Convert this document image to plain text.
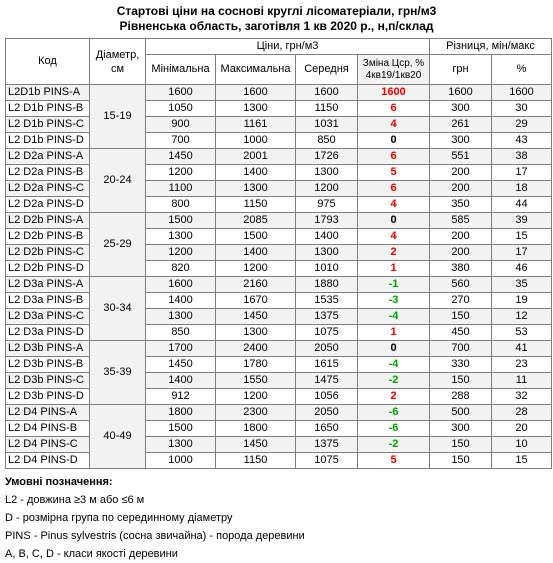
Стартові ціни на соснові круглі лісоматеріали, грн/м3
Рівненська область, заготівля 1 кв 2020 р., н,п/склад
Код	Діаметр, см	Ціни, грн/м3				Різниця, мін/макс	
		Мінімальна	Максимальна	Середня	Зміна Цср, %
4кв19/1кв20	грн	%
L2D1b PINS-A	15-19	1600	1600	1600	1600	1600	1600
L2 D1b PINS-B		1050	1300	1150	6	300	30
L2 D1b PINS-C		900	1161	1031	4	261	29
L2 D1b PINS-D		700	1000	850	0	300	43
L2 D2a PINS-A	20-24	1450	2001	1726	6	551	38
L2 D2a PINS-B		1200	1400	1300	5	200	17
L2 D2a PINS-C		1100	1300	1200	6	200	18
L2 D2a PINS-D		800	1150	975	4	350	44
L2 D2b PINS-A	25-29	1500	2085	1793	0	585	39
L2 D2b PINS-B		1300	1500	1400	4	200	15
L2 D2b PINS-C		1200	1400	1300	2	200	17
L2 D2b PINS-D		820	1200	1010	1	380	46
L2 D3a PINS-A	30-34	1600	2160	1880	-1	560	35
L2 D3a PINS-B		1400	1670	1535	-3	270	19
L2 D3a PINS-C		1300	1450	1375	-4	150	12
L2 D3a PINS-D		850	1300	1075	1	450	53
L2 D3b PINS-A	35-39	1700	2400	2050	0	700	41
L2 D3b PINS-B		1450	1780	1615	-4	330	23
L2 D3b PINS-C		1400	1550	1475	-2	150	11
L2 D3b PINS-D		912	1200	1056	2	288	32
L2 D4 PINS-A	40-49	1800	2300	2050	-6	500	28
L2 D4 PINS-B		1500	1800	1650	-6	300	20
L2 D4 PINS-C		1300	1450	1375	-2	150	10
L2 D4 PINS-D		1000	1150	1075	5	150	15
Умовні позначення:
L2 - довжина ≥3 м або ≤6 м
D - розмірна група по серединному діаметру
PINS - Pinus sylvestris (сосна звичайна) - порода деревини
A, B, C, D - класи якості деревини
